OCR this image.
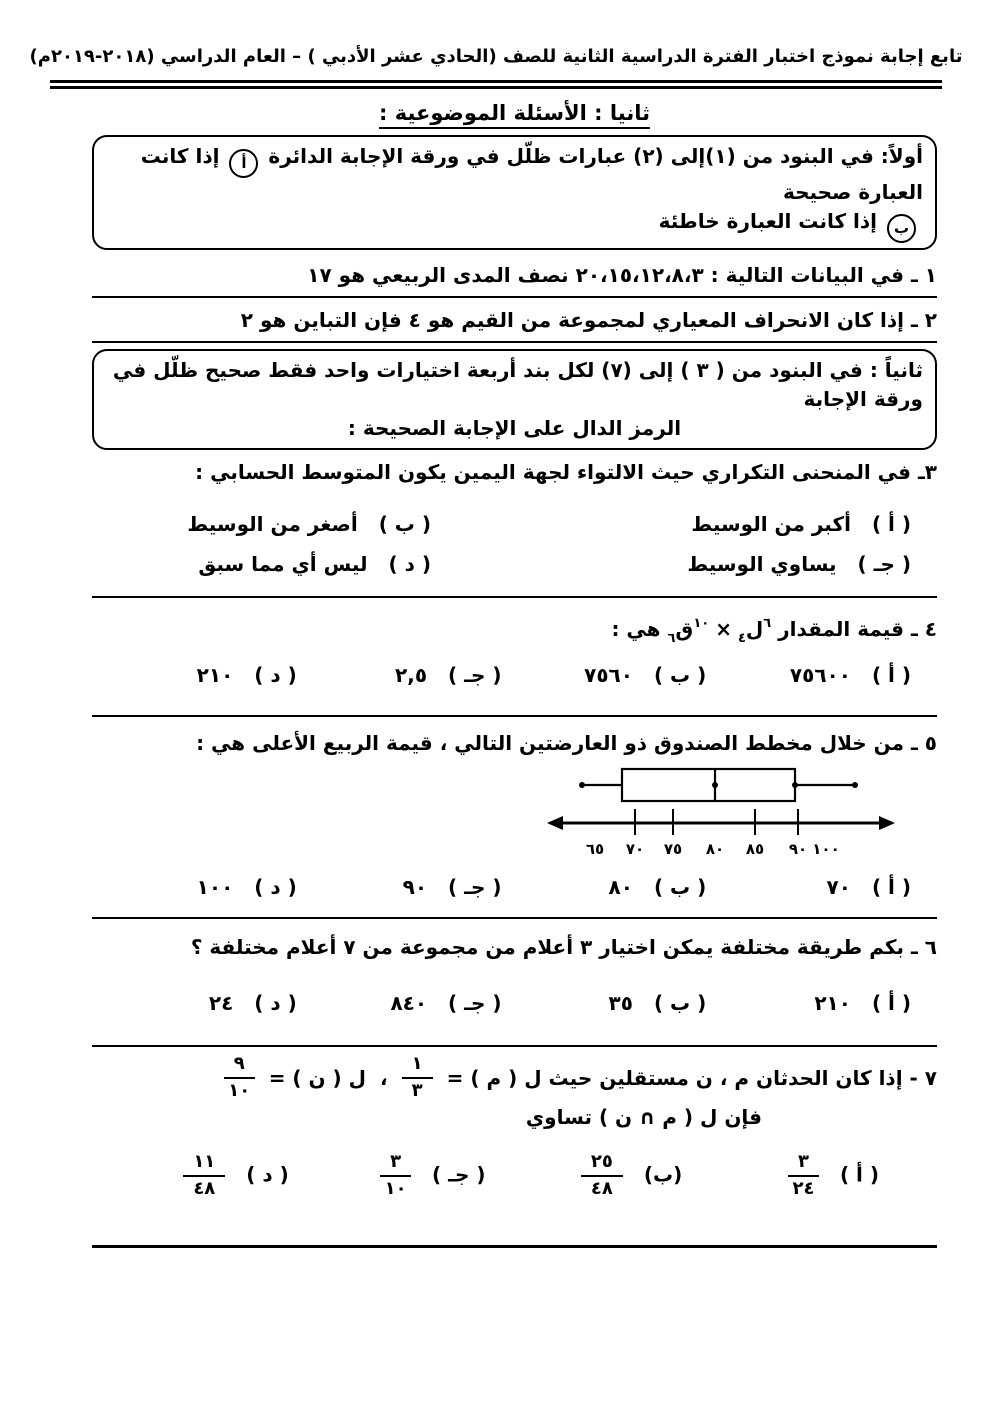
تابع إجابة نموذج اختبار الفترة الدراسية الثانية للصف (الحادي عشر الأدبي ) – العام الدراسي (٢٠١٨-٢٠١٩م)
ثانيا : الأسئلة الموضوعية :
أولاً: في البنود من (١)إلى (٢) عبارات ظلّل في ورقة الإجابة الدائرة أ إذا كانت العبارة صحيحة
ب إذا كانت العبارة خاطئة
١ ـ في البيانات التالية : ٢٠،١٥،١٢،٨،٣ نصف المدى الربيعي هو ١٧
٢ ـ إذا كان الانحراف المعياري لمجموعة من القيم هو ٤ فإن التباين هو ٢
ثانياً : في البنود من ( ٣ ) إلى (٧) لكل بند أربعة اختيارات واحد فقط صحيح ظلّل في ورقة الإجابة
الرمز الدال على الإجابة الصحيحة :
٣ـ في المنحنى التكراري حيث الالتواء لجهة اليمين يكون المتوسط الحسابي :
( أ ) أكبر من الوسيط
( ب ) أصغر من الوسيط
( جـ ) يساوي الوسيط
( د ) ليس أي مما سبق
٤ ـ قيمة المقدار $^٦$ل$_٤$×$^{١٠}$ق$_٦$ هي :
( أ ) ٧٥٦٠٠
( ب ) ٧٥٦٠
( جـ ) ٢,٥
( د ) ٢١٠
٥ ـ من خلال مخطط الصندوق ذو العارضتين التالي ، قيمة الربيع الأعلى هي :
٦٥ ٧٠ ٧٥ ٨٠ ٨٥ ٩٠ ١٠٠
( أ ) ٧٠
( ب ) ٨٠
( جـ ) ٩٠
( د ) ١٠٠
٦ ـ بكم طريقة مختلفة يمكن اختيار ٣ أعلام من مجموعة من ٧ أعلام مختلفة ؟
( أ ) ٢١٠
( ب ) ٣٥
( جـ ) ٨٤٠
( د ) ٢٤
٧ - إذا كان الحدثان م ، ن مستقلين حيث ل ( م ) =
$\frac{١}{٣}$
،
ل ( ن ) =
$\frac{٩}{١٠}$
فإن ل ( م ∩ ن ) تساوي
( أ )
$\frac{٣}{٢٤}$
(ب)
$\frac{٢٥}{٤٨}$
( جـ )
$\frac{٣}{١٠}$
( د )
$\frac{١١}{٤٨}$
